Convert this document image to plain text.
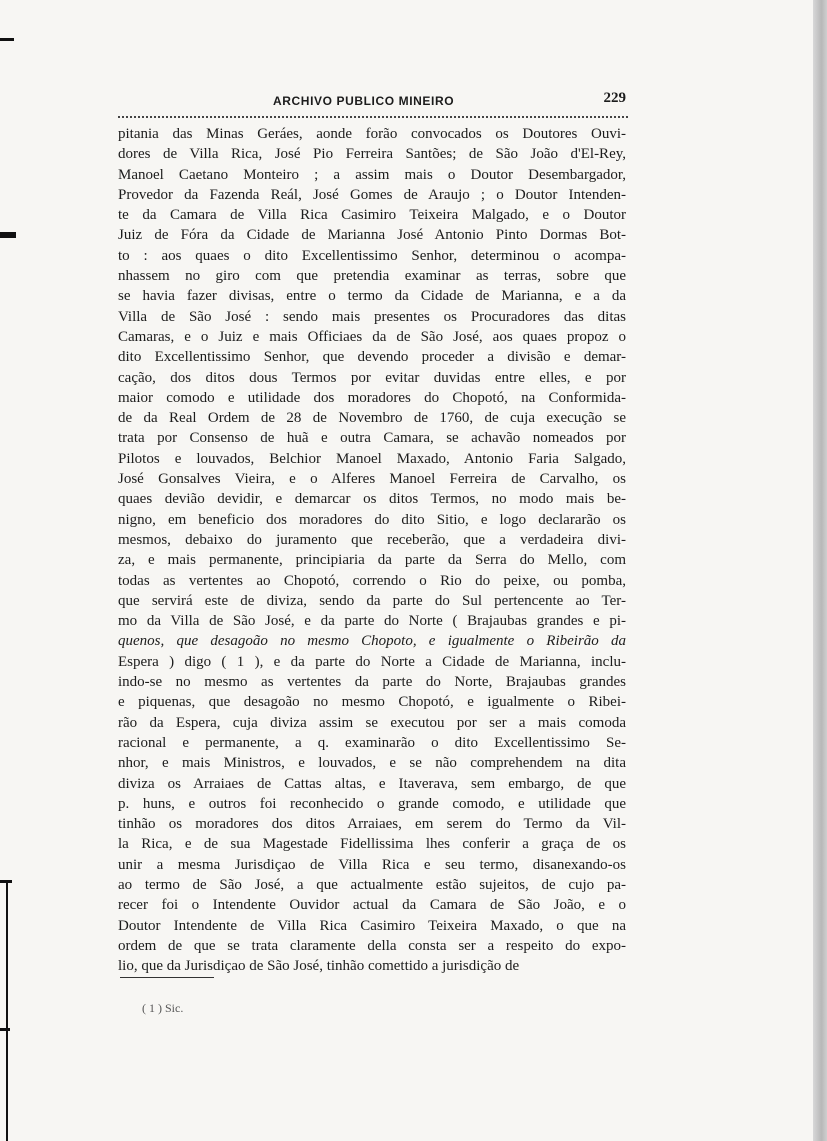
ARCHIVO PUBLICO MINEIRO	229
pitania das Minas Geráes, aonde forão convocados os Doutores Ouvi-
dores de Villa Rica, José Pio Ferreira Santões; de São João d'El-Rey,
Manoel Caetano Monteiro ; a assim mais o Doutor Desembargador,
Provedor da Fazenda Reál, José Gomes de Araujo ; o Doutor Intenden-
te da Camara de Villa Rica Casimiro Teixeira Malgado, e o Doutor
Juiz de Fóra da Cidade de Marianna José Antonio Pinto Dormas Bot-
to : aos quaes o dito Excellentissimo Senhor, determinou o acompa-
nhassem no giro com que pretendia examinar as terras, sobre que
se havia fazer divisas, entre o termo da Cidade de Marianna, e a da
Villa de São José : sendo mais presentes os Procuradores das ditas
Camaras, e o Juiz e mais Officiaes da de São José, aos quaes propoz o
dito Excellentissimo Senhor, que devendo proceder a divisão e demar-
cação, dos ditos dous Termos por evitar duvidas entre elles, e por
maior comodo e utilidade dos moradores do Chopotó, na Conformida-
de da Real Ordem de 28 de Novembro de 1760, de cuja execução se
trata por Consenso de huã e outra Camara, se achavão nomeados por
Pilotos e louvados, Belchior Manoel Maxado, Antonio Faria Salgado,
José Gonsalves Vieira, e o Alferes Manoel Ferreira de Carvalho, os
quaes devião devidir, e demarcar os ditos Termos, no modo mais be-
nigno, em beneficio dos moradores do dito Sitio, e logo declararão os
mesmos, debaixo do juramento que receberão, que a verdadeira divi-
za, e mais permanente, principiaria da parte da Serra do Mello, com
todas as vertentes ao Chopotó, correndo o Rio do peixe, ou pomba,
que servirá este de diviza, sendo da parte do Sul pertencente ao Ter-
mo da Villa de São José, e da parte do Norte ( Brajaubas grandes e pi-
quenos, que desagoão no mesmo Chopoto, e igualmente o Ribeirão da
Espera ) digo ( 1 ), e da parte do Norte a Cidade de Marianna, inclu-
indo-se no mesmo as vertentes da parte do Norte, Brajaubas grandes
e piquenas, que desagoão no mesmo Chopotó, e igualmente o Ribei-
rão da Espera, cuja diviza assim se executou por ser a mais comoda
racional e permanente, a q. examinarão o dito Excellentissimo Se-
nhor, e mais Ministros, e louvados, e se não comprehendem na dita
diviza os Arraiaes de Cattas altas, e Itaverava, sem embargo, de que
p. huns, e outros foi reconhecido o grande comodo, e utilidade que
tinhão os moradores dos ditos Arraiaes, em serem do Termo da Vil-
la Rica, e de sua Magestade Fidellissima lhes conferir a graça de os
unir a mesma Jurisdiçao de Villa Rica e seu termo, disanexando-os
ao termo de São José, a que actualmente estão sujeitos, de cujo pa-
recer foi o Intendente Ouvidor actual da Camara de São João, e o
Doutor Intendente de Villa Rica Casimiro Teixeira Maxado, o que na
ordem de que se trata claramente della consta ser a respeito do expo-
lio, que da Jurisdiçao de São José, tinhão comettido a jurisdição de
( 1 ) Sic.
